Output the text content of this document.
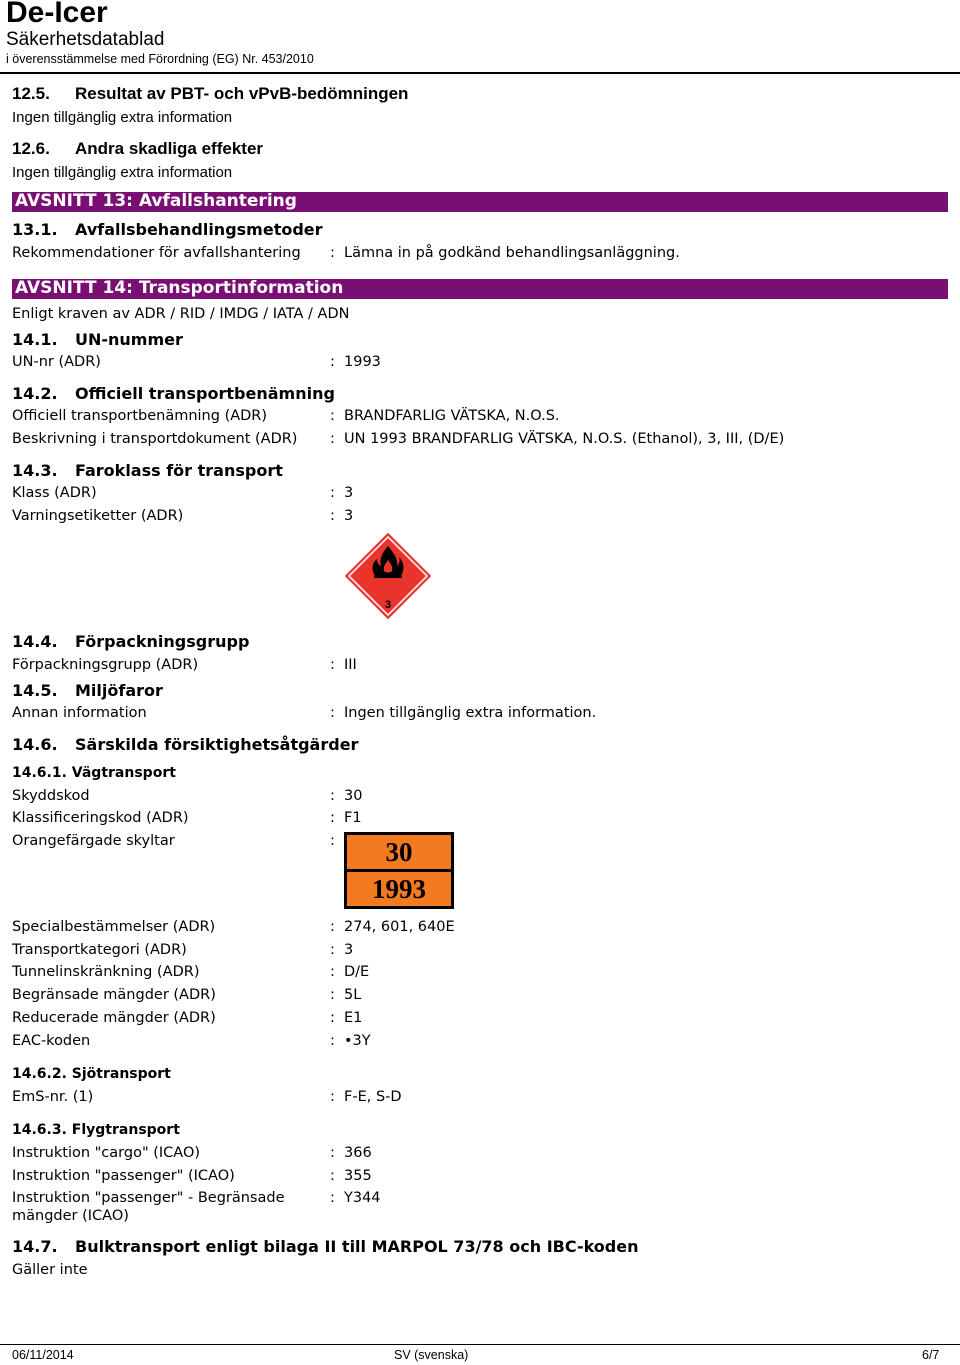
De-Icer
Säkerhetsdatablad
i överensstämmelse med Förordning (EG) Nr. 453/2010
12.5. Resultat av PBT- och vPvB-bedömningen
Ingen tillgänglig extra information
12.6. Andra skadliga effekter
Ingen tillgänglig extra information
AVSNITT 13: Avfallshantering
13.1. Avfallsbehandlingsmetoder
Rekommendationer för avfallshantering : Lämna in på godkänd behandlingsanläggning.
AVSNITT 14: Transportinformation
Enligt kraven av ADR / RID / IMDG / IATA / ADN
14.1. UN-nummer
UN-nr (ADR)	: 1993
14.2. Officiell transportbenämning
Officiell transportbenämning (ADR)	: BRANDFARLIG VÄTSKA, N.O.S.
Beskrivning i transportdokument (ADR) : UN 1993 BRANDFARLIG VÄTSKA, N.O.S. (Ethanol), 3, III, (D/E)
14.3. Faroklass för transport
Klass (ADR)	: 3
Varningsetiketter (ADR)	: 3
3
14.4. Förpackningsgrupp
Förpackningsgrupp (ADR)	: III
14.5. Miljöfaror
Annan information	: Ingen tillgänglig extra information.
14.6. Särskilda försiktighetsåtgärder
14.6.1. Vägtransport
Skyddskod	: 30
Klassificeringskod (ADR)	: F1
Orangefärgade skyltar	:	30
1993
Specialbestämmelser (ADR)	: 274, 601, 640E
Transportkategori (ADR)	: 3
Tunnelinskränkning (ADR)	: D/E
Begränsade mängder (ADR)	: 5L
Reducerade mängder (ADR)	: E1
EAC-koden	: •3Y
14.6.2. Sjötransport
EmS-nr. (1)	: F-E, S-D
14.6.3. Flygtransport
Instruktion "cargo" (ICAO)	: 366
Instruktion "passenger" (ICAO)	: 355
Instruktion "passenger" - Begränsade
mängder (ICAO)
: Y344
14.7. Bulktransport enligt bilaga II till MARPOL 73/78 och IBC-koden
Gäller inte
06/11/2014	SV (svenska)	6/7
